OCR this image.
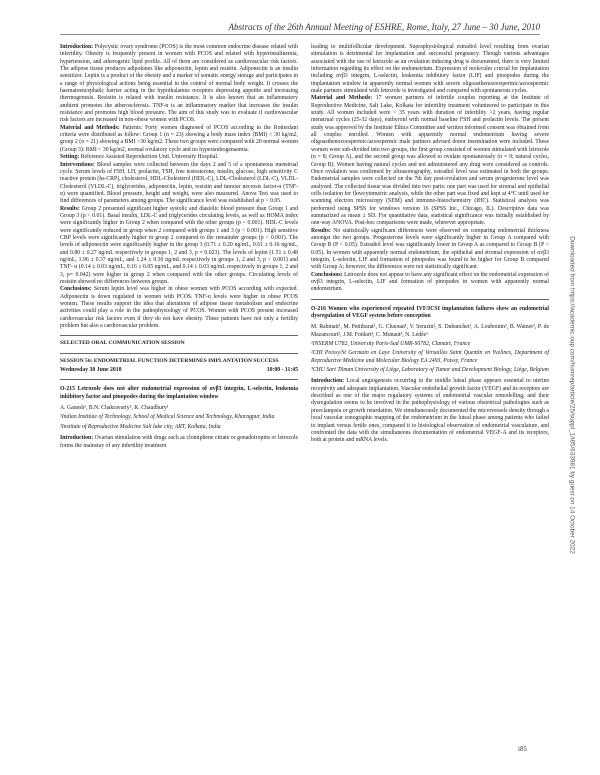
Abstracts of the 26th Annual Meeting of ESHRE, Rome, Italy, 27 June – 30 June, 2010

Introduction: Polycystic ovary syndrome (PCOS) is the most common endocrine disease related with infertility. Obesity is frequently present in women with PCOS and related with hyperinsulinemia, hypertension, and atherogenic lipid profile. All of them are considered as cardiovascular risk factors. The adipose tissue produces adipokines like adiponectin, leptin and resistin. Adiponectin is an insulin sensitizer. Leptin is a product of the obesity and a marker of somatic energy storage and participates in a range of physiological actions being essential in the control of normal body weight. It crosses the haematoencephalic barrier acting in the hypothalamus receptors depressing appetite and increasing thermogenesis. Resistin is related with insulin resistance. It is also known that an inflammatory ambient promotes the atherosclerosis. TNF-α is an inflammatory marker that increases the insulin resistance and promotes high blood pressure. The aim of this study was to evaluate if cardiovascular risk factors are increased in non-obese women with PCOS.

Material and Methods: Patients: Forty women diagnosed of PCOS according to the Rotterdam criteria were distributed as follow: Group 1 (n = 23) showing a body mass index (BMI) < 30 kg/m2, group 2 (n = 21) showing a BMI >30 kg/m2. These two groups were compared with 20 normal women (Group 3): BMI < 30 kg/m2, normal ovulatory cycle and no hyperandrogenaemia.

Setting: Reference Assisted Reproduction Unit. University Hospital.

Interventions: Blood samples were collected between the days 2 and 5 of a spontaneous menstrual cycle. Serum levels of FSH, LH, prolactin, TSH, free testosterone, insulin, glucose, high sensitivity C reactive protein (hs-CRP), cholesterol, HDL-Cholesterol (HDL-C), LDL-Cholesterol (LDL-C), VLDL-Cholesterol (VLDL-C), triglycerides, adiponectin, leptin, resistin and tumour necrosis factor-α (TNF-α) were quantified. Blood pressure, height and weight, were also measured. Anova Test was used to find differences of parameters among groups. The significance level was established at p < 0.05.

Results: Group 2 presented significant higher systolic and diastolic blood pressure than Group 1 and Group 3 (p < 0.01). Basal insulin, LDL-C and triglycerides circulating levels, as well as HOMA index were significantly higher in Group 2 when compared with the other groups (p < 0.001). HDL-C levels were significantly reduced in group when 2 compared with groups 1 and 3 (p < 0.001). High sensitive CRP levels were significantly higher in group 2 compared to the remainder groups (p < 0.001). The levels of adiponectin were significantly higher in the group 3 (0.71 ± 0.20 ng/mL, 0.61 ± 0.16 ng/mL, and 0.80 ± 0.27 ng/mL respectively in groups 1, 2 and 3, p = 0.023). The levels of leptin (1.51 ± 0.48 ng/mL, 1.96 ± 0.37 ng/mL, and 1.24 ± 0.30 ng/mL respectively in groups 1, 2 and 3, p < 0.001) and TNF- α (0.14 ± 0.03 ng/mL, 0.16 ± 0.05 ng/mL, and 0.14 ± 0.03 ng/mL respectively in groups 1, 2 and 3, p= 0.042) were higher in group 2 when compared with the other groups. Circulating levels of resistin showed no differences between groups.

Conclusions: Serum leptin level was higher in obese women with PCOS according with expected. Adiponectin is down regulated in women with PCOS. TNF-α levels were higher in obese PCOS women. These results support the idea that alterations of adipose tissue metabolism and endocrine activities could play a role in the pathophysiology of PCOS. Women with PCOS present increased cardiovascular risk factors even if they do not have obesity. These patients have not only a fertility problem but also a cardiovascular problem.

SELECTED ORAL COMMUNICATION SESSION
SESSION 56: ENDOMETRIAL FUNCTION DETERMINES IMPLANTATION SUCCESS
Wednesday 30 June 2010	10:00 - 11:45
O-215 Letrozole does not alter endometrial expression of αvβ3 integrin, L-selectin, leukemia inhibitory factor and pinopodes during the implantation window
A. Ganesh¹, B.N. Chakravarty², K. Chaudhury¹
¹Indian Institute of Technology, School of Medical Science and Technology, Kharagpur, India
²Institute of Reproductive Medicine Salt lake city, ART, Kolkata, India

Introduction: Ovarian stimulation with drugs such as clomiphene citrate or gonadotropins or letrozole forms the mainstay of any infertility treatment

leading to multifollicular development. Supraphysiological estradiol level resulting from ovarian stimulation is detrimental for implantation and successful pregnancy. Though various advantages associated with the use of letrozole as an ovulation inducing drug is documented, there is very limited information regarding its effect on the endometrium. Expression of molecules crucial for implantation including αvβ3 integrin, L-selectin, leukemia inhibitory factor (LIF) and pinopodes during the implantation window in apparently normal women with severe oligoasthenozoospermic/azoospermic male partners stimulated with letrozole is investigated and compared with spontaneous cycles.

Material and Methods: 17 women partners of infertile couples reporting at the Institute of Reproductive Medicine, Salt Lake, Kolkata for infertility treatment volunteered to participate in this study. All women included were < 35 years with duration of infertility >2 years, having regular menstrual cycles (25-32 days), euthyroid with normal baseline FSH and prolactin levels. The present study was approved by the Institute Ethics Committee and written informed consent was obtained from all couples enrolled. Women with apparently normal endometrium having severe oligoasthenozoospermic/azoospermic male partners advised donor insemination were included. These women were sub-divided into two groups, the first group consisted of women stimulated with letrozole (n = 8; Group A), and the second group was allowed to ovulate spontaneously (n = 9; natural cycles, Group B). Women having natural cycles and not administered any drug were considered as controls. Once ovulation was confirmed by ultrasonography, estradiol level was estimated in both the groups. Endometrial samples were collected on the 7th day post-ovulation and serum progesterone level was analyzed. The collected tissue was divided into two parts: one part was used for stromal and epithelial cells isolation for flowcytometric analysis, while the other part was fixed and kept at 4°C until used for scanning electron microscopy (SEM) and immuno-histochemistry (IHC). Statistical analysis was performed using SPSS for windows version 16 (SPSS Inc., Chicago, IL). Descriptive data was summarized as mean ± SD. For quantitative data, statistical significance was initially established by one-way ANOVA. Post-hoc comparisons were made, wherever appropriate.

Results: No statistically significant differences were observed on comparing endometrial thickness amongst the two groups. Progesterone levels were significantly higher in Group A compared with Group B (P < 0.05). Estradiol level was significantly lower in Group A as compared to Group B (P < 0.05). In women with apparently normal endometrium, the epithelial and stromal expression of αvβ3 integrin, L-selectin, LIF and formation of pinopodes was found to be higher for Group B compared with Group A; however, the differences were not statistically significant.

Conclusions: Letrozole does not appear to have any significant effect on the endometrial expression of αvβ3 integrin, L-selectin, LIF and formation of pinopodes in women with apparently normal endometrium.

O-216 Women who experienced repeated IVF/ICSI implantation failures show an endometrial dysregulation of VEGF system before conception
M. Rahmati¹, M. Petitbarat¹, G. Chaouat¹, V. Serazin², S. Dubanchet¹, A. Louboutin², B. Wainer², P. de Mazancourt², J.M. Foidart³, C. Munaut³, N. Lédée¹
¹INSERM U782, University Paris-Sud UMR-S0782, Clamart, France
²CHI Poissy/St Germain en Laye University of Versailles Saint Quentin en Yvelines, Department of Reproductive Medicine and Molecular Biology EA 2493, Poissy, France
³CHU Sart Tilman University of Liège, Laboratory of Tumor and Development Biology, Liège, Belgium

Introduction: Local angiogenesis occurring in the middle luteal phase appears essential to uterine receptivity and adequate implantation. Vascular endothelial growth factor (VEGF) and its receptors are described as one of the major regulatory systems of endometrial vascular remodelling, and their dysregulation seems to be involved in the pathophysiology of various obstetrical pathologies such as preeclampsia or growth retardation. We simultaneously documented the microvessels density through a local vascular sonographic mapping of the endometrium in the luteal phase among patients who failed to implant versus fertile ones, compared it to histological observation of endometrial vasculature, and confronted the data with the simultaneous documentation of endometrial VEGF-A and its receptors, both at protein and mRNA levels.	Downloaded from https://academic.oup.com/humrep/article/25/suppl_1/i85/633981 by guest on 14 October 2022
i85
